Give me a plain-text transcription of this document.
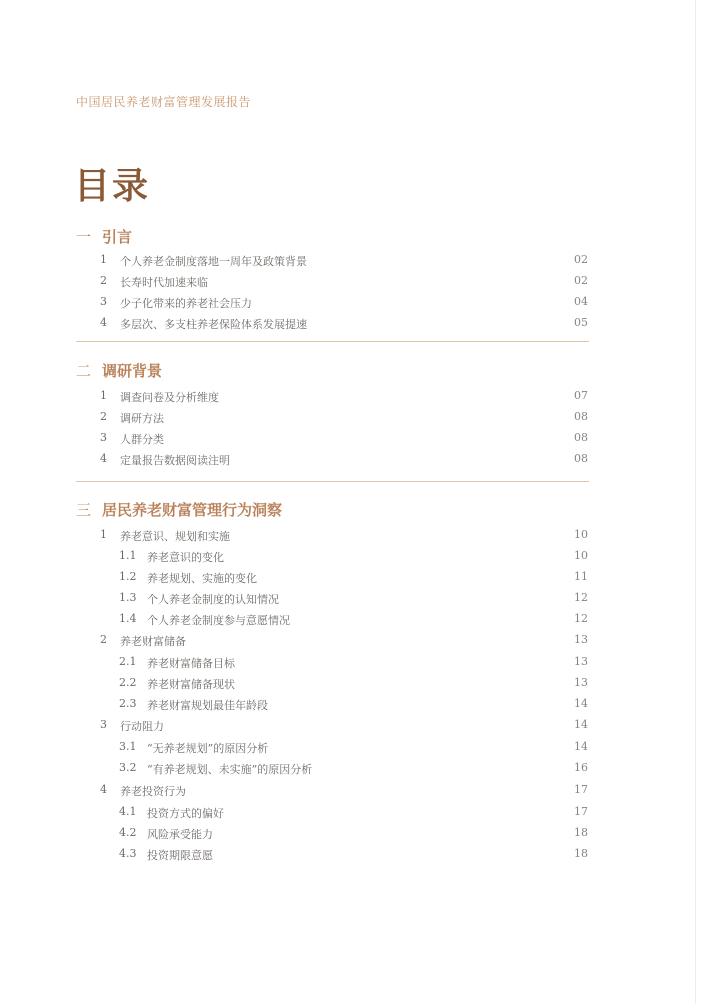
中国居民养老财富管理发展报告
目录
一 引言
1 个人养老金制度落地一周年及政策背景	02
2 长寿时代加速来临	02
3 少子化带来的养老社会压力	04
4 多层次、多支柱养老保险体系发展提速	05
二 调研背景
1 调查问卷及分析维度	07
2 调研方法	08
3 人群分类	08
4 定量报告数据阅读注明	08
三 居民养老财富管理行为洞察
1 养老意识、规划和实施	10
1.1 养老意识的变化	10
1.2 养老规划、实施的变化	11
1.3 个人养老金制度的认知情况	12
1.4 个人养老金制度参与意愿情况	12
2 养老财富储备	13
2.1 养老财富储备目标	13
2.2 养老财富储备现状	13
2.3 养老财富规划最佳年龄段	14
3 行动阻力	14
3.1 “无养老规划”的原因分析	14
3.2 “有养老规划、未实施”的原因分析	16
4 养老投资行为	17
4.1 投资方式的偏好	17
4.2 风险承受能力	18
4.3 投资期限意愿	18
